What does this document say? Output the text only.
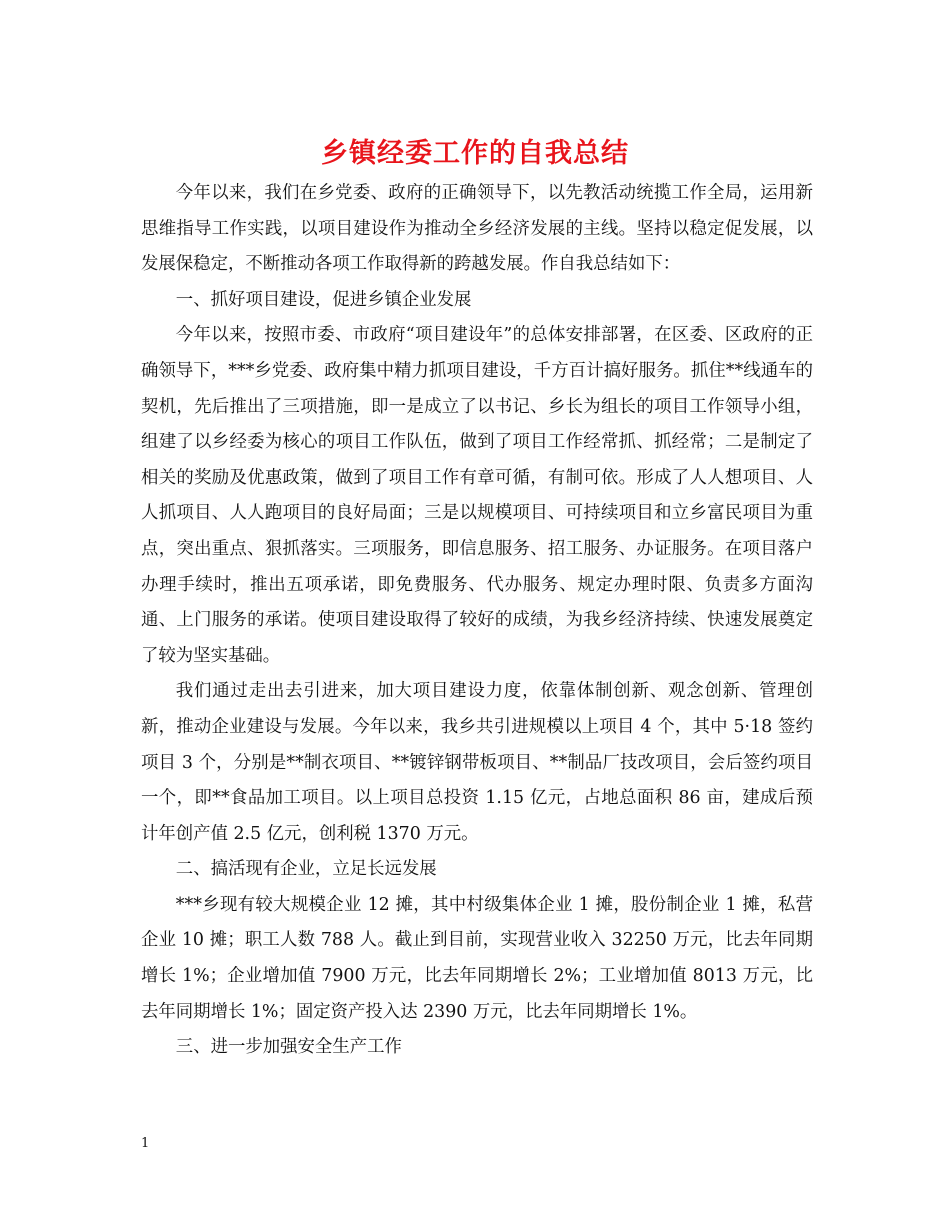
乡镇经委工作的自我总结

今年以来，我们在乡党委、政府的正确领导下，以先教活动统揽工作全局，运用新思维指导工作实践，以项目建设作为推动全乡经济发展的主线。坚持以稳定促发展，以发展保稳定，不断推动各项工作取得新的跨越发展。作自我总结如下：

一、抓好项目建设，促进乡镇企业发展

今年以来，按照市委、市政府“项目建设年”的总体安排部署，在区委、区政府的正确领导下，***乡党委、政府集中精力抓项目建设，千方百计搞好服务。抓住**线通车的契机，先后推出了三项措施，即一是成立了以书记、乡长为组长的项目工作领导小组，组建了以乡经委为核心的项目工作队伍，做到了项目工作经常抓、抓经常；二是制定了相关的奖励及优惠政策，做到了项目工作有章可循，有制可依。形成了人人想项目、人人抓项目、人人跑项目的良好局面；三是以规模项目、可持续项目和立乡富民项目为重点，突出重点、狠抓落实。三项服务，即信息服务、招工服务、办证服务。在项目落户办理手续时，推出五项承诺，即免费服务、代办服务、规定办理时限、负责多方面沟通、上门服务的承诺。使项目建设取得了较好的成绩，为我乡经济持续、快速发展奠定了较为坚实基础。

我们通过走出去引进来，加大项目建设力度，依靠体制创新、观念创新、管理创新，推动企业建设与发展。今年以来，我乡共引进规模以上项目 4 个，其中 5·18 签约项目 3 个，分别是**制衣项目、**镀锌钢带板项目、**制品厂技改项目，会后签约项目一个，即**食品加工项目。以上项目总投资 1.15 亿元，占地总面积 86 亩，建成后预计年创产值 2.5 亿元，创利税 1370 万元。

二、搞活现有企业，立足长远发展

***乡现有较大规模企业 12 摊，其中村级集体企业 1 摊，股份制企业 1 摊，私营企业 10 摊；职工人数 788 人。截止到目前，实现营业收入 32250 万元，比去年同期增长 1%；企业增加值 7900 万元，比去年同期增长 2%；工业增加值 8013 万元，比去年同期增长 1%；固定资产投入达 2390 万元，比去年同期增长 1%。

三、进一步加强安全生产工作

1
